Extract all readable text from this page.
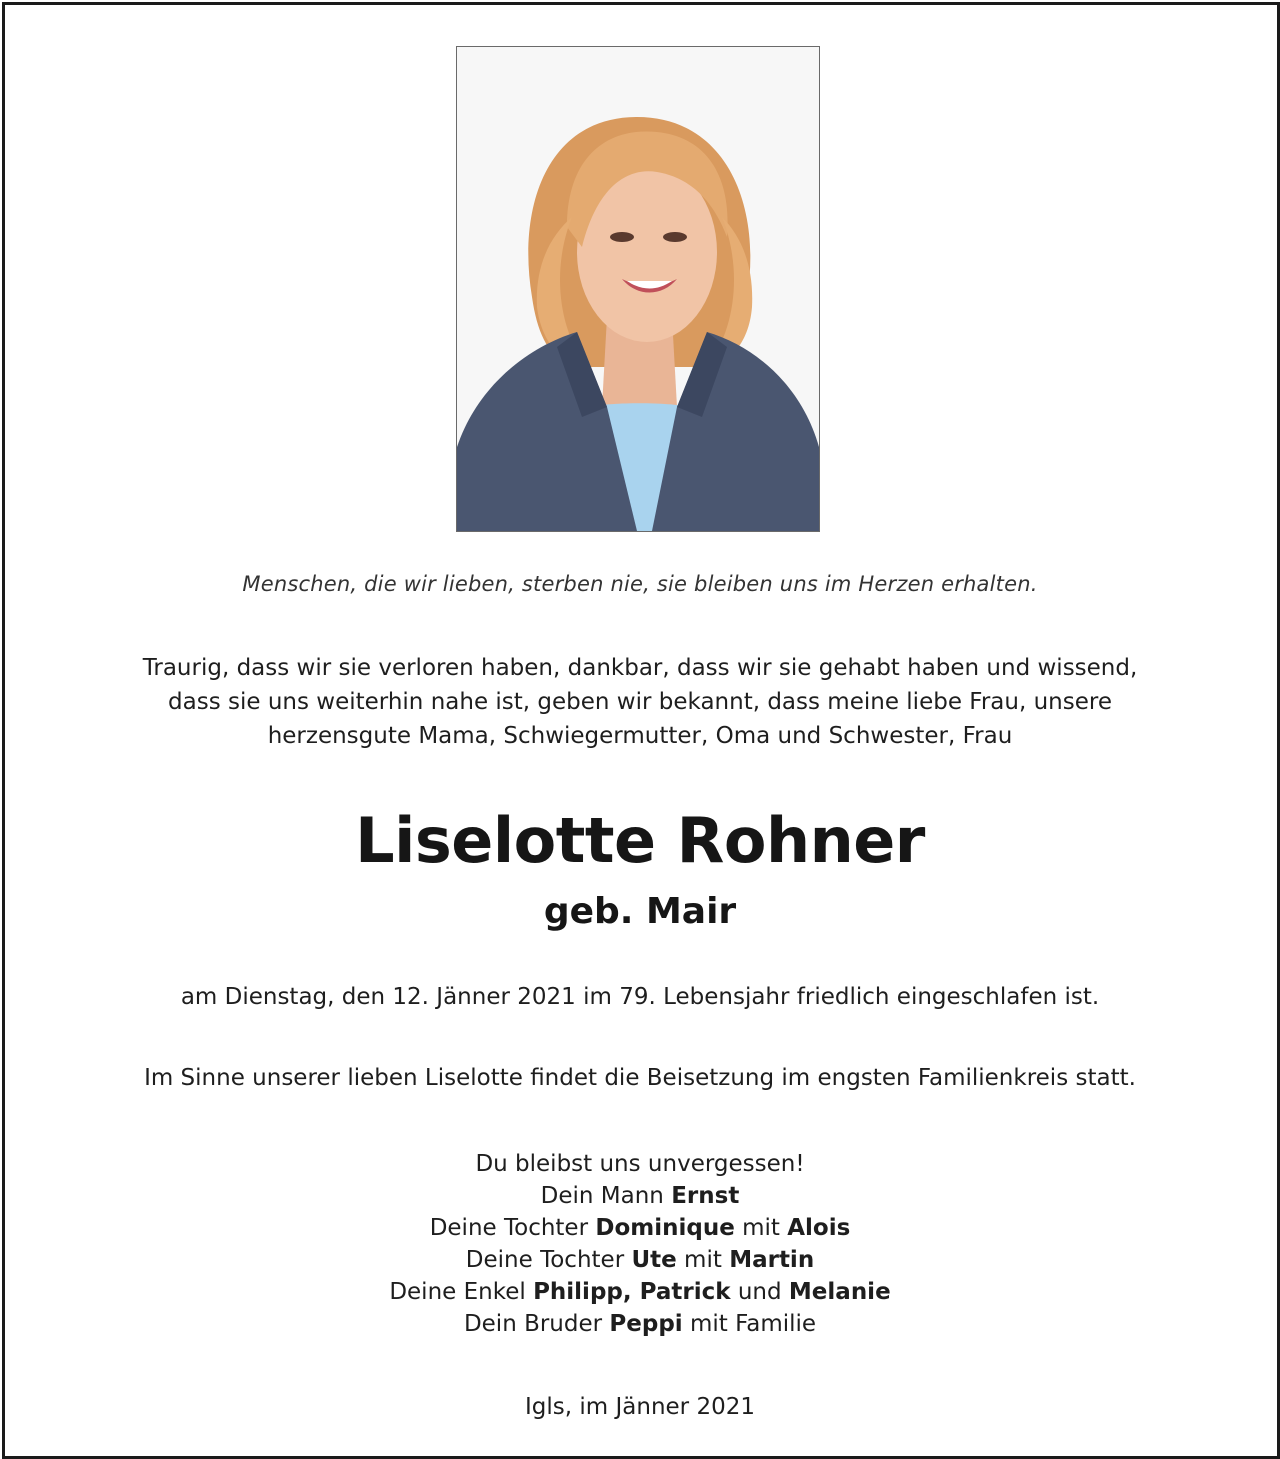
Menschen, die wir lieben, sterben nie, sie bleiben uns im Herzen erhalten.
Traurig, dass wir sie verloren haben, dankbar, dass wir sie gehabt haben und wissend,
dass sie uns weiterhin nahe ist, geben wir bekannt, dass meine liebe Frau, unsere
herzensgute Mama, Schwiegermutter, Oma und Schwester, Frau
Liselotte Rohner
geb. Mair
am Dienstag, den 12. Jänner 2021 im 79. Lebensjahr friedlich eingeschlafen ist.
Im Sinne unserer lieben Liselotte findet die Beisetzung im engsten Familienkreis statt.
Du bleibst uns unvergessen!
Dein Mann Ernst
Deine Tochter Dominique mit Alois
Deine Tochter Ute mit Martin
Deine Enkel Philipp, Patrick und Melanie
Dein Bruder Peppi mit Familie
Igls, im Jänner 2021
